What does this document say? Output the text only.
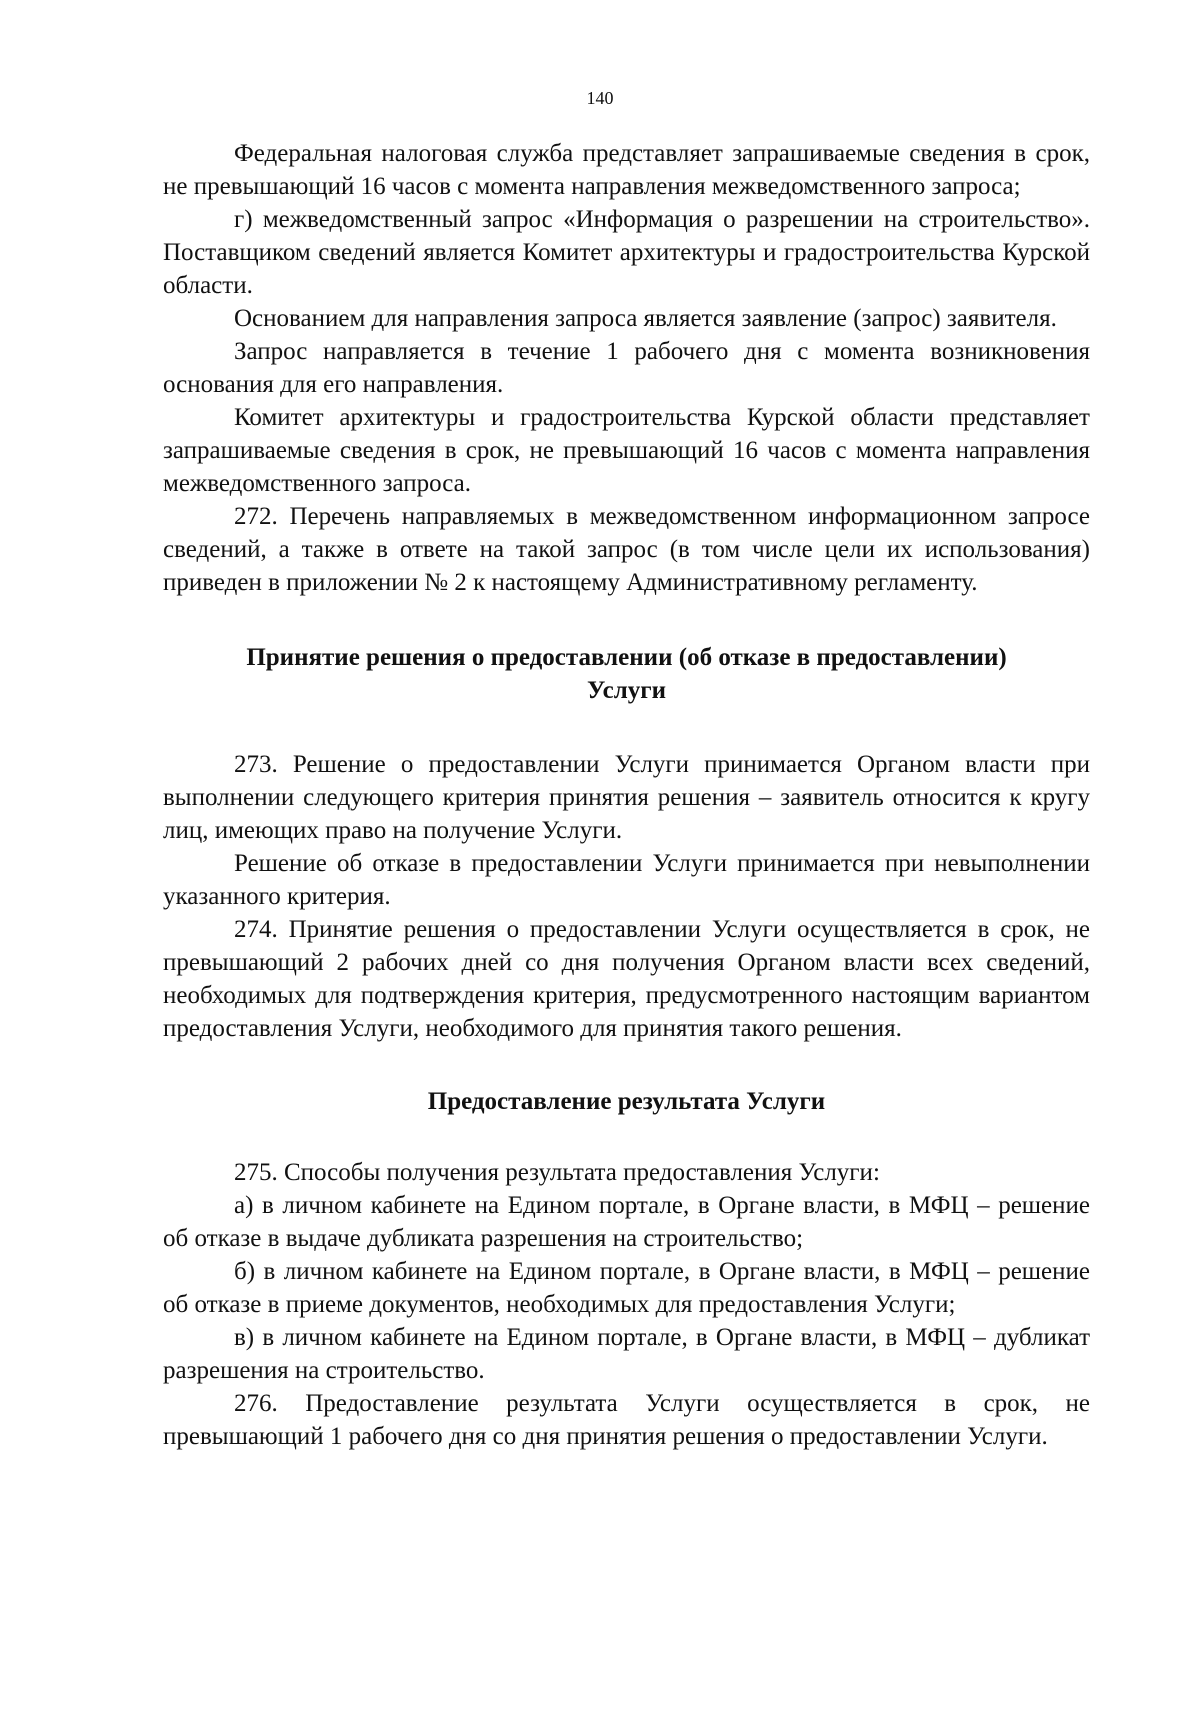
140

Федеральная налоговая служба представляет запрашиваемые сведения в срок, не превышающий 16 часов с момента направления межведомственного запроса;

г) межведомственный запрос «Информация о разрешении на строительство». Поставщиком сведений является Комитет архитектуры и градостроительства Курской области.

Основанием для направления запроса является заявление (запрос) заявителя.

Запрос направляется в течение 1 рабочего дня с момента возникновения основания для его направления.

Комитет архитектуры и градостроительства Курской области представляет запрашиваемые сведения в срок, не превышающий 16 часов с момента направления межведомственного запроса.

272. Перечень направляемых в межведомственном информационном запросе сведений, а также в ответе на такой запрос (в том числе цели их использования) приведен в приложении № 2 к настоящему Административному регламенту.

Принятие решения о предоставлении (об отказе в предоставлении)
Услуги

273. Решение о предоставлении Услуги принимается Органом власти при выполнении следующего критерия принятия решения – заявитель относится к кругу лиц, имеющих право на получение Услуги.

Решение об отказе в предоставлении Услуги принимается при невыполнении указанного критерия.

274. Принятие решения о предоставлении Услуги осуществляется в срок, не превышающий 2 рабочих дней со дня получения Органом власти всех сведений, необходимых для подтверждения критерия, предусмотренного настоящим вариантом предоставления Услуги, необходимого для принятия такого решения.

Предоставление результата Услуги

275. Способы получения результата предоставления Услуги:

а) в личном кабинете на Едином портале, в Органе власти, в МФЦ – решение об отказе в выдаче дубликата разрешения на строительство;

б) в личном кабинете на Едином портале, в Органе власти, в МФЦ – решение об отказе в приеме документов, необходимых для предоставления Услуги;

в) в личном кабинете на Едином портале, в Органе власти, в МФЦ – дубликат разрешения на строительство.

276. Предоставление результата Услуги осуществляется в срок, не превышающий 1 рабочего дня со дня принятия решения о предоставлении Услуги.
